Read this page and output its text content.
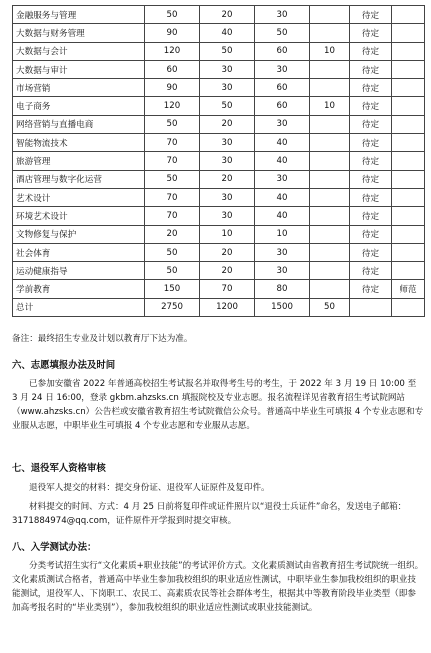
金融服务与管理	50	20	30		待定	
大数据与财务管理	90	40	50		待定	
大数据与会计	120	50	60	10	待定	
大数据与审计	60	30	30		待定	
市场营销	90	30	60		待定	
电子商务	120	50	60	10	待定	
网络营销与直播电商	50	20	30		待定	
智能物流技术	70	30	40		待定	
旅游管理	70	30	40		待定	
酒店管理与数字化运营	50	20	30		待定	
艺术设计	70	30	40		待定	
环境艺术设计	70	30	40		待定	
文物修复与保护	20	10	10		待定	
社会体育	50	20	30		待定	
运动健康指导	50	20	30		待定	
学前教育	150	70	80		待定	师范
总计	2750	1200	1500	50		
备注：最终招生专业及计划以教育厅下达为准。
六、志愿填报办法及时间
已参加安徽省 2022 年普通高校招生考试报名并取得考生号的考生，于 2022 年 3 月 19 日 10:00 至 3 月 24 日 16:00，登录 gkbm.ahzsks.cn 填报院校及专业志愿。报名流程详见省教育招生考试院网站（www.ahzsks.cn）公告栏或安徽省教育招生考试院微信公众号。普通高中毕业生可填报 4 个专业志愿和专业服从志愿，中职毕业生可填报 4 个专业志愿和专业服从志愿。
七、退役军人资格审核
退役军人提交的材料：提交身份证、退役军人证原件及复印件。
材料提交的时间、方式：4 月 25 日前将复印件或证件照片以“退役士兵证件”命名，发送电子邮箱：3171884974@qq.com，证件原件开学报到时提交审核。
八、入学测试办法：
分类考试招生实行“文化素质+职业技能”的考试评价方式。文化素质测试由省教育招生考试院统一组织。文化素质测试合格者，普通高中毕业生参加我校组织的职业适应性测试，中职毕业生参加我校组织的职业技能测试，退役军人、下岗职工、农民工、高素质农民等社会群体考生，根据其中等教育阶段毕业类型（即参加高考报名时的“毕业类别”），参加我校组织的职业适应性测试或职业技能测试。
